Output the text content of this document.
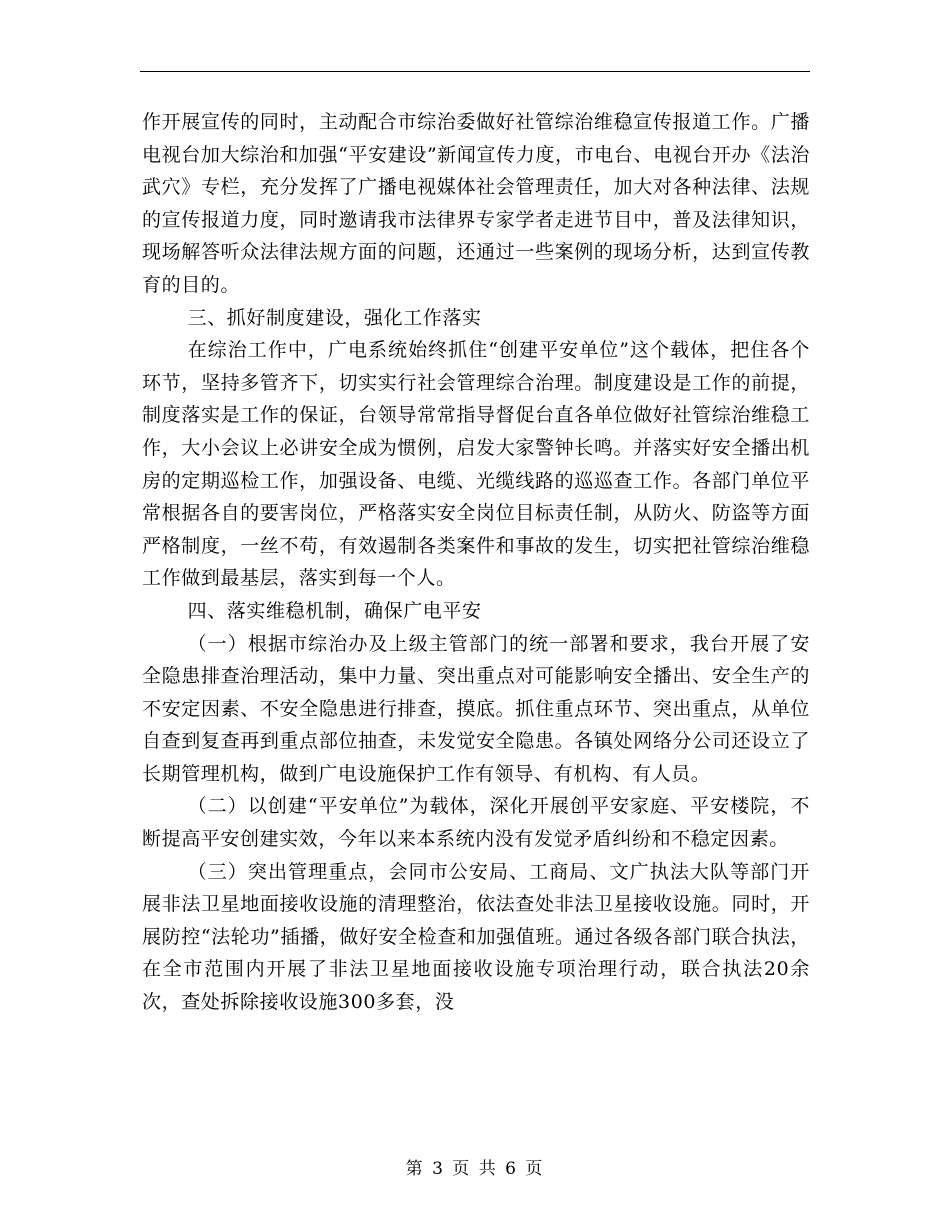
作开展宣传的同时，主动配合市综治委做好社管综治维稳宣传报道工作。广播电视台加大综治和加强“平安建设”新闻宣传力度，市电台、电视台开办《法治武穴》专栏，充分发挥了广播电视媒体社会管理责任，加大对各种法律、法规的宣传报道力度，同时邀请我市法律界专家学者走进节目中，普及法律知识，现场解答听众法律法规方面的问题，还通过一些案例的现场分析，达到宣传教育的目的。

三、抓好制度建设，强化工作落实

在综治工作中，广电系统始终抓住“创建平安单位”这个载体，把住各个环节，坚持多管齐下，切实实行社会管理综合治理。制度建设是工作的前提，制度落实是工作的保证，台领导常常指导督促台直各单位做好社管综治维稳工作，大小会议上必讲安全成为惯例，启发大家警钟长鸣。并落实好安全播出机房的定期巡检工作，加强设备、电缆、光缆线路的巡巡查工作。各部门单位平常根据各自的要害岗位，严格落实安全岗位目标责任制，从防火、防盗等方面严格制度，一丝不苟，有效遏制各类案件和事故的发生，切实把社管综治维稳工作做到最基层，落实到每一个人。

四、落实维稳机制，确保广电平安

（一）根据市综治办及上级主管部门的统一部署和要求，我台开展了安全隐患排查治理活动，集中力量、突出重点对可能影响安全播出、安全生产的不安定因素、不安全隐患进行排查，摸底。抓住重点环节、突出重点，从单位自查到复查再到重点部位抽查，未发觉安全隐患。各镇处网络分公司还设立了长期管理机构，做到广电设施保护工作有领导、有机构、有人员。

（二）以创建“平安单位”为载体，深化开展创平安家庭、平安楼院，不断提高平安创建实效，今年以来本系统内没有发觉矛盾纠纷和不稳定因素。

（三）突出管理重点，会同市公安局、工商局、文广执法大队等部门开展非法卫星地面接收设施的清理整治，依法查处非法卫星接收设施。同时，开展防控“法轮功”插播，做好安全检查和加强值班。通过各级各部门联合执法，在全市范围内开展了非法卫星地面接收设施专项治理行动，联合执法20余次，查处拆除接收设施300多套，没

第 3 页 共 6 页
